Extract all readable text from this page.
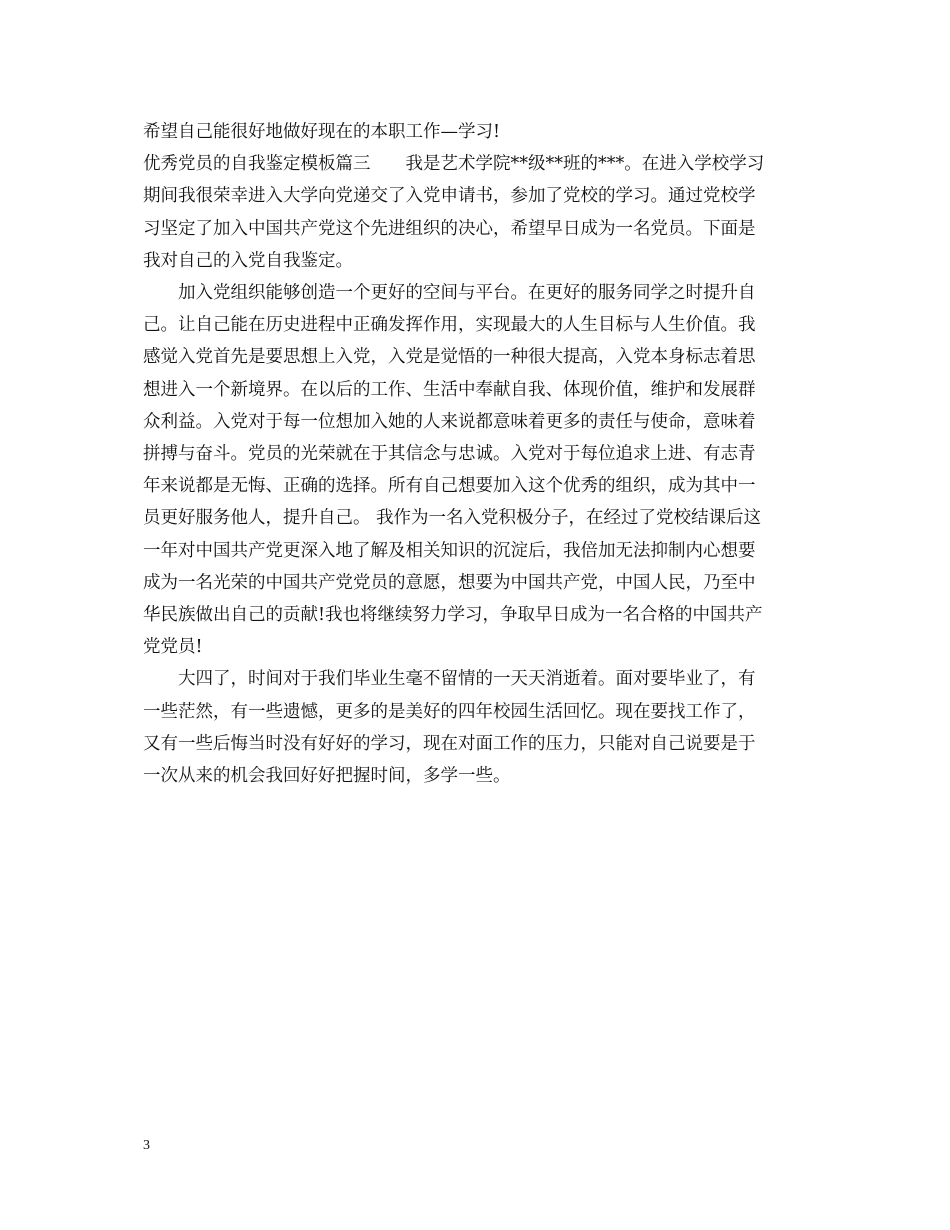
希望自己能很好地做好现在的本职工作—学习!
优秀党员的自我鉴定模板篇三　　我是艺术学院**级**班的***。在进入学校学习
期间我很荣幸进入大学向党递交了入党申请书，参加了党校的学习。通过党校学
习坚定了加入中国共产党这个先进组织的决心，希望早日成为一名党员。下面是
我对自己的入党自我鉴定。
　　加入党组织能够创造一个更好的空间与平台。在更好的服务同学之时提升自
己。让自己能在历史进程中正确发挥作用，实现最大的人生目标与人生价值。我
感觉入党首先是要思想上入党，入党是觉悟的一种很大提高，入党本身标志着思
想进入一个新境界。在以后的工作、生活中奉献自我、体现价值，维护和发展群
众利益。入党对于每一位想加入她的人来说都意味着更多的责任与使命，意味着
拼搏与奋斗。党员的光荣就在于其信念与忠诚。入党对于每位追求上进、有志青
年来说都是无悔、正确的选择。所有自己想要加入这个优秀的组织，成为其中一
员更好服务他人，提升自己。 我作为一名入党积极分子，在经过了党校结课后这
一年对中国共产党更深入地了解及相关知识的沉淀后，我倍加无法抑制内心想要
成为一名光荣的中国共产党党员的意愿，想要为中国共产党，中国人民，乃至中
华民族做出自己的贡献!我也将继续努力学习，争取早日成为一名合格的中国共产
党党员!
　　大四了，时间对于我们毕业生毫不留情的一天天消逝着。面对要毕业了，有
一些茫然，有一些遗憾，更多的是美好的四年校园生活回忆。现在要找工作了，
又有一些后悔当时没有好好的学习，现在对面工作的压力，只能对自己说要是于
一次从来的机会我回好好把握时间，多学一些。
3
